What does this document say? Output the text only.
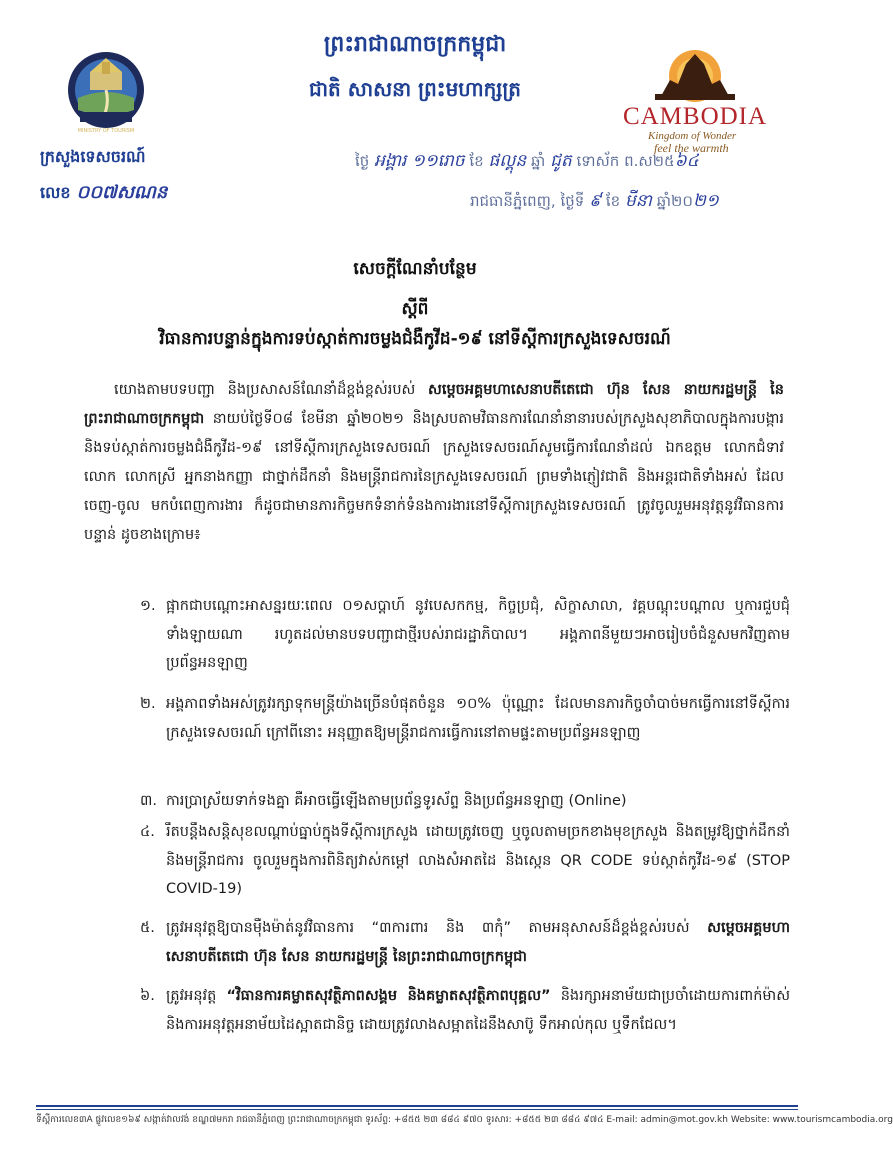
ព្រះរាជាណាចក្រកម្ពុជា
ជាតិ សាសនា ព្រះមហាក្សត្រ
MINISTRY OF TOURISM
CAMBODIA
Kingdom of Wonder
feel the warmth
ក្រសួងទេសចរណ៍
លេខ ០០៧សណន
ថ្ងៃ អង្គារ ១១រោច ខែ ផល្គុន ឆ្នាំ ជូត ទោស័ក ព.ស២៥៦៤
រាជធានីភ្នំពេញ, ថ្ងៃទី ៩ ខែ មីនា ឆ្នាំ២០២១
សេចក្តីណែនាំបន្ថែម
ស្តីពី
វិធានការបន្ទាន់ក្នុងការទប់ស្កាត់ការចម្លងជំងឺកូវីដ-១៩ នៅទីស្តីការក្រសួងទេសចរណ៍
យោងតាមបទបញ្ជា និងប្រសាសន៍ណែនាំដ៏ខ្ពង់ខ្ពស់របស់ សម្តេចអគ្គមហាសេនាបតីតេជោ ហ៊ុន សែន នាយករដ្ឋមន្ត្រី នៃព្រះរាជាណាចក្រកម្ពុជា នាយប់ថ្ងៃទី០៨ ខែមីនា ឆ្នាំ២០២១ និងស្របតាមវិធានការណែនាំនានារបស់ក្រសួងសុខាភិបាលក្នុងការបង្ការ និងទប់ស្កាត់ការចម្លងជំងឺកូវីដ-១៩ នៅទីស្តីការក្រសួងទេសចរណ៍ ក្រសួងទេសចរណ៍សូមធ្វើការណែនាំដល់ ឯកឧត្តម លោកជំទាវ លោក លោកស្រី អ្នកនាងកញ្ញា ជាថ្នាក់ដឹកនាំ និងមន្ត្រីរាជការនៃក្រសួងទេសចរណ៍ ព្រមទាំងភ្ញៀវជាតិ និងអន្តរជាតិទាំងអស់ ដែលចេញ-ចូល មកបំពេញការងារ ក៏ដូចជាមានភារកិច្ចមកទំនាក់ទំនងការងារនៅទីស្តីការក្រសួងទេសចរណ៍ ត្រូវចូលរួមអនុវត្តនូវវិធានការបន្ទាន់ ដូចខាងក្រោម៖
១. ផ្អាកជាបណ្តោះអាសន្នរយៈពេល ០១សប្តាហ៍ នូវបេសកកម្ម, កិច្ចប្រជុំ, សិក្ខាសាលា, វគ្គបណ្តុះបណ្តាល ឬការជួបជុំទាំងឡាយណា រហូតដល់មានបទបញ្ជាជាថ្មីរបស់រាជរដ្ឋាភិបាល។ អង្គភាពនីមួយៗអាចរៀបចំជំនួសមកវិញតាមប្រព័ន្ធអនឡាញ
២. អង្គភាពទាំងអស់ត្រូវរក្សាទុកមន្ត្រីយ៉ាងច្រើនបំផុតចំនួន ១០% ប៉ុណ្ណោះ ដែលមានភារកិច្ចចាំបាច់មកធ្វើការនៅទីស្តីការក្រសួងទេសចរណ៍ ក្រៅពីនោះ អនុញ្ញាតឱ្យមន្ត្រីរាជការធ្វើការនៅតាមផ្ទះតាមប្រព័ន្ធអនឡាញ
៣. ការប្រាស្រ័យទាក់ទងគ្នា គឺអាចធ្វើឡើងតាមប្រព័ន្ធទូរស័ព្ទ និងប្រព័ន្ធអនឡាញ (Online)
៤. រឹតបន្តឹងសន្តិសុខលណ្តាប់ធ្នាប់ក្នុងទីស្តីការក្រសួង ដោយត្រូវចេញ ឬចូលតាមច្រកខាងមុខក្រសួង និងតម្រូវឱ្យថ្នាក់ដឹកនាំ និងមន្ត្រីរាជការ ចូលរួមក្នុងការពិនិត្យវាស់កម្តៅ លាងសំអាតដៃ និងស្កេន QR CODE ទប់ស្កាត់កូវីដ-១៩ (STOP COVID-19)
៥. ត្រូវអនុវត្តឱ្យបានម៉ឺងម៉ាត់នូវវិធានការ “៣ការពារ និង ៣កុំ” តាមអនុសាសន៍ដ៏ខ្ពង់ខ្ពស់របស់ សម្តេចអគ្គមហាសេនាបតីតេជោ ហ៊ុន សែន នាយករដ្ឋមន្ត្រី នៃព្រះរាជាណាចក្រកម្ពុជា
៦. ត្រូវអនុវត្ត “វិធានការគម្លាតសុវត្ថិភាពសង្គម និងគម្លាតសុវត្ថិភាពបុគ្គល” និងរក្សាអនាម័យជាប្រចាំដោយការពាក់ម៉ាស់ និងការអនុវត្តអនាម័យដៃស្អាតជានិច្ច ដោយត្រូវលាងសម្អាតដៃនឹងសាប៊ូ ទឹកអាល់កុល ឬទឹកជែល។
ទីស្តីការលេខ៣A ផ្លូវលេខ១៦៩ សង្កាត់វាលវង់ ខណ្ឌ៧មករា រាជធានីភ្នំពេញ ព្រះរាជាណាចក្រកម្ពុជា ទូរស័ព្ទ: +៨៥៥ ២៣ ៨៨៤ ៩៧០ ទូរសារ: +៨៥៥ ២៣ ៨៨៤ ៩៧៤ E-mail: admin@mot.gov.kh Website: www.tourismcambodia.org
